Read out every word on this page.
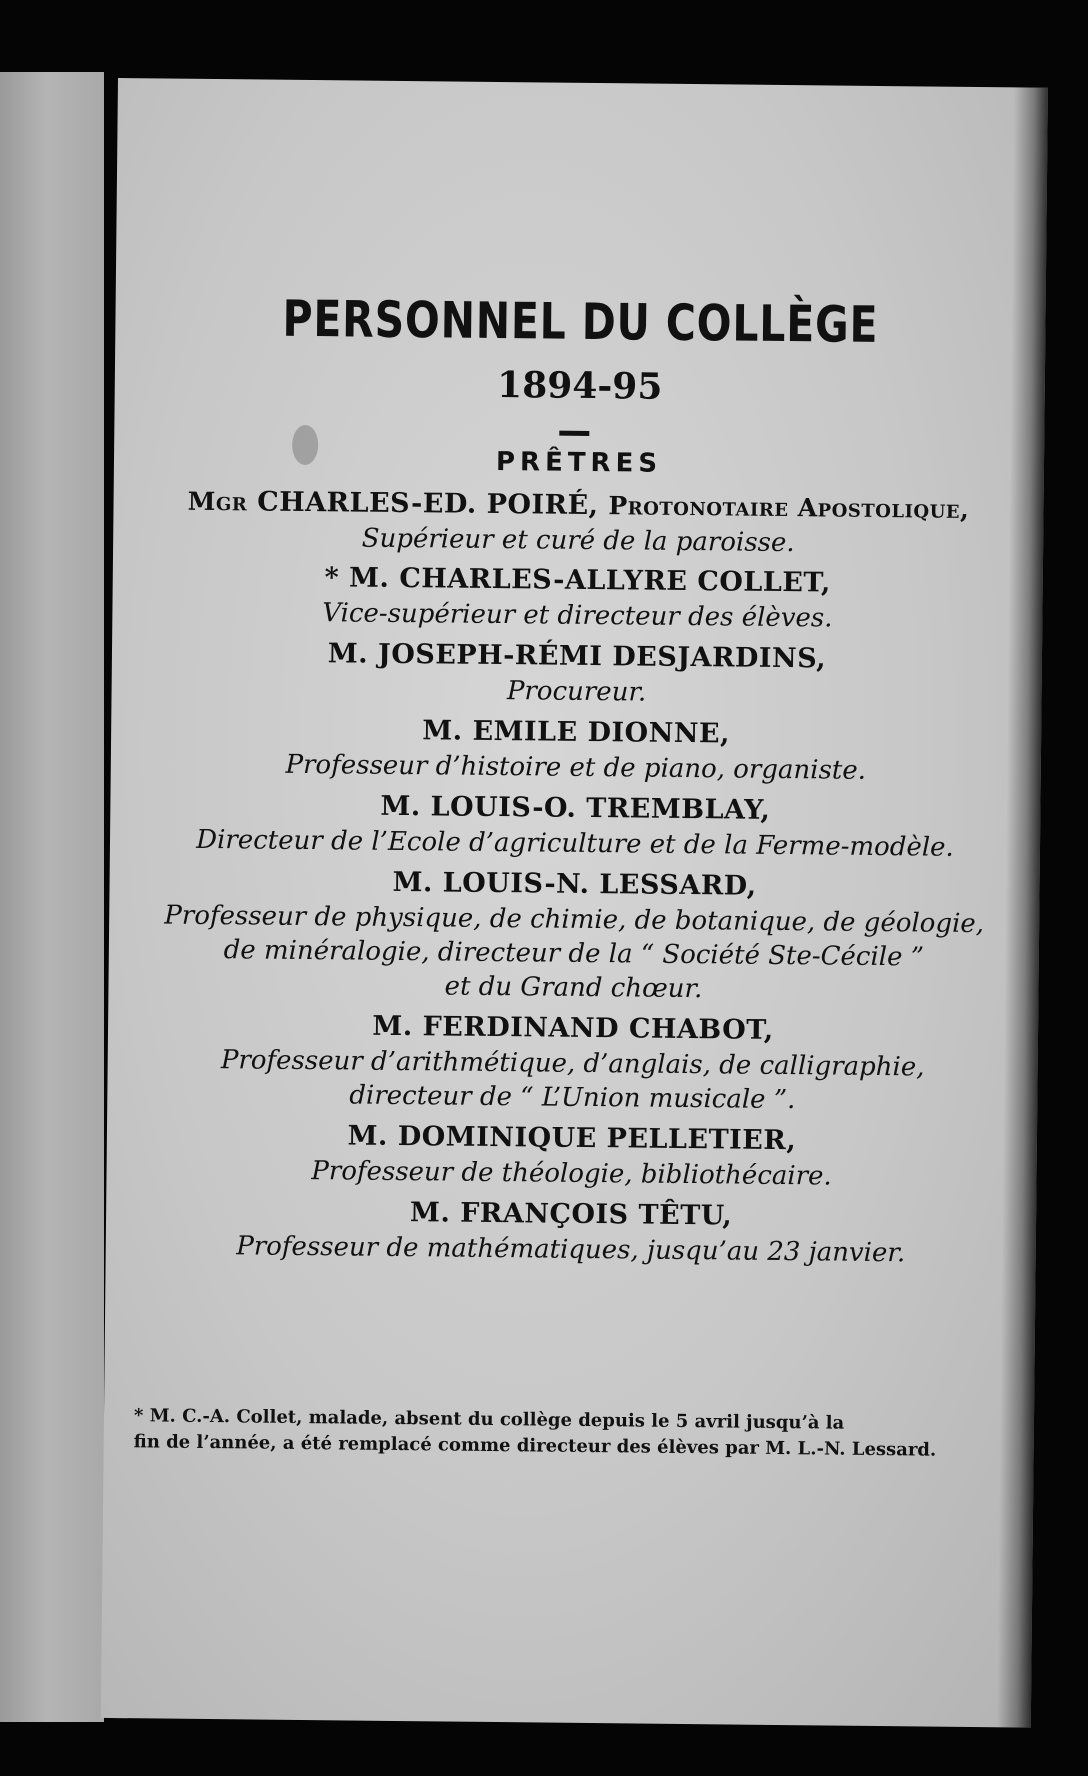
PERSONNEL DU COLLÈGE
1894-95
PRÊTRES
Mgr CHARLES-ED. POIRÉ, Protonotaire Apostolique,
Supérieur et curé de la paroisse.
* M. CHARLES-ALLYRE COLLET,
Vice-supérieur et directeur des élèves.
M. JOSEPH-RÉMI DESJARDINS,
Procureur.
M. EMILE DIONNE,
Professeur d’histoire et de piano, organiste.
M. LOUIS-O. TREMBLAY,
Directeur de l’Ecole d’agriculture et de la Ferme-modèle.
M. LOUIS-N. LESSARD,
Professeur de physique, de chimie, de botanique, de géologie,
de minéralogie, directeur de la “ Société Ste-Cécile ”
et du Grand chœur.
M. FERDINAND CHABOT,
Professeur d’arithmétique, d’anglais, de calligraphie,
directeur de “ L’Union musicale ”.
M. DOMINIQUE PELLETIER,
Professeur de théologie, bibliothécaire.
M. FRANÇOIS TÊTU,
Professeur de mathématiques, jusqu’au 23 janvier.
* M. C.-A. Collet, malade, absent du collège depuis le 5 avril jusqu’à la
fin de l’année, a été remplacé comme directeur des élèves par M. L.-N. Lessard.
